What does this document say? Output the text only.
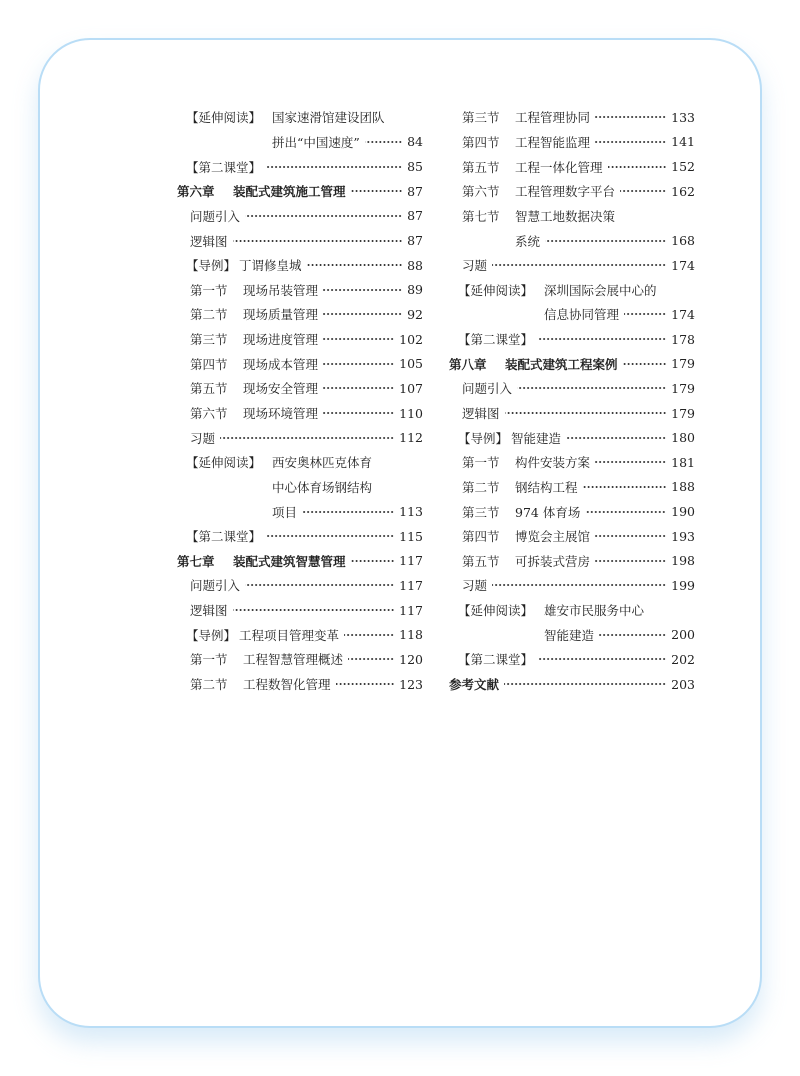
【延伸阅读】 国家速滑馆建设团队
拼出“中国速度”	84
【第二课堂】	85
第六章	装配式建筑施工管理	87
问题引入	87
逻辑图	87
【导例】 丁谓修皇城	88
第一节	现场吊装管理	89
第二节	现场质量管理	92
第三节	现场进度管理	102
第四节	现场成本管理	105
第五节	现场安全管理	107
第六节	现场环境管理	110
习题	112
【延伸阅读】 西安奥林匹克体育
中心体育场钢结构
项目	113
【第二课堂】	115
第七章	装配式建筑智慧管理	117
问题引入	117
逻辑图	117
【导例】 工程项目管理变革	118
第一节	工程智慧管理概述	120
第二节	工程数智化管理	123
第三节	工程管理协同	133
第四节	工程智能监理	141
第五节	工程一体化管理	152
第六节	工程管理数字平台	162
第七节	智慧工地数据决策
系统	168
习题	174
【延伸阅读】 深圳国际会展中心的
信息协同管理	174
【第二课堂】	178
第八章	装配式建筑工程案例	179
问题引入	179
逻辑图	179
【导例】 智能建造	180
第一节	构件安装方案	181
第二节	钢结构工程	188
第三节	974 体育场	190
第四节	博览会主展馆	193
第五节	可拆装式营房	198
习题	199
【延伸阅读】 雄安市民服务中心
智能建造	200
【第二课堂】	202
参考文献	203
